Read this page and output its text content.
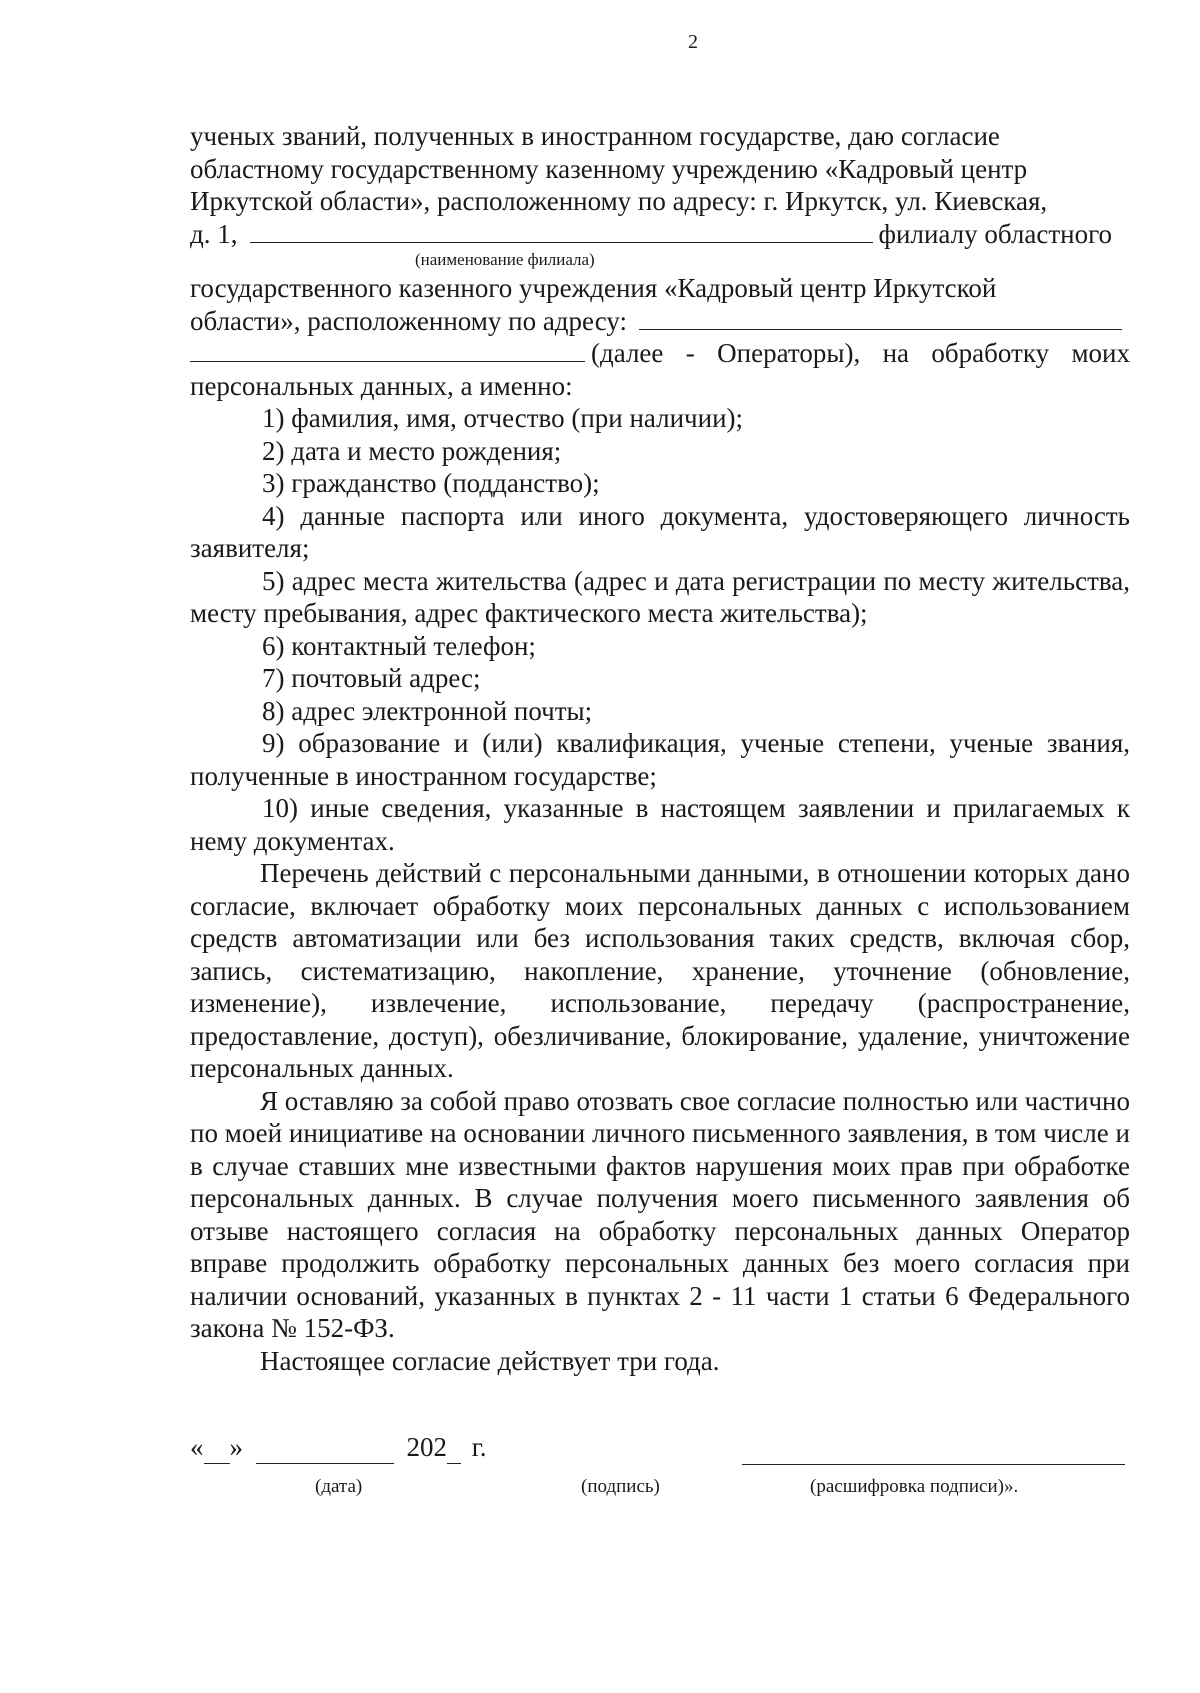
2

ученых званий, полученных в иностранном государстве, даю согласие

областному государственному казенному учреждению «Кадровый центр

Иркутской области», расположенному по адресу: г. Иркутск, ул. Киевская,

д. 1,	филиалу областного
(наименование филиала)

государственного казенного учреждения «Кадровый центр Иркутской

области», расположенному по адресу:
(далее - Операторы), на обработку моих

персональных данных, а именно:

1) фамилия, имя, отчество (при наличии);

2) дата и место рождения;

3) гражданство (подданство);

4) данные паспорта или иного документа, удостоверяющего личность заявителя;

5) адрес места жительства (адрес и дата регистрации по месту жительства, месту пребывания, адрес фактического места жительства);

6) контактный телефон;

7) почтовый адрес;

8) адрес электронной почты;

9) образование и (или) квалификация, ученые степени, ученые звания, полученные в иностранном государстве;

10) иные сведения, указанные в настоящем заявлении и прилагаемых к нему документах.

Перечень действий с персональными данными, в отношении которых дано согласие, включает обработку моих персональных данных с использованием средств автоматизации или без использования таких средств, включая сбор, запись, систематизацию, накопление, хранение, уточнение (обновление, изменение), извлечение, использование, передачу (распространение, предоставление, доступ), обезличивание, блокирование, удаление, уничтожение персональных данных.

Я оставляю за собой право отозвать свое согласие полностью или частично по моей инициативе на основании личного письменного заявления, в том числе и в случае ставших мне известными фактов нарушения моих прав при обработке персональных данных. В случае получения моего письменного заявления об отзыве настоящего согласия на обработку персональных данных Оператор вправе продолжить обработку персональных данных без моего согласия при наличии оснований, указанных в пунктах 2 - 11 части 1 статьи 6 Федерального закона № 152-ФЗ.

Настоящее согласие действует три года.

« »	202 г.
(дата)	(подпись)	(расшифровка подписи)».
